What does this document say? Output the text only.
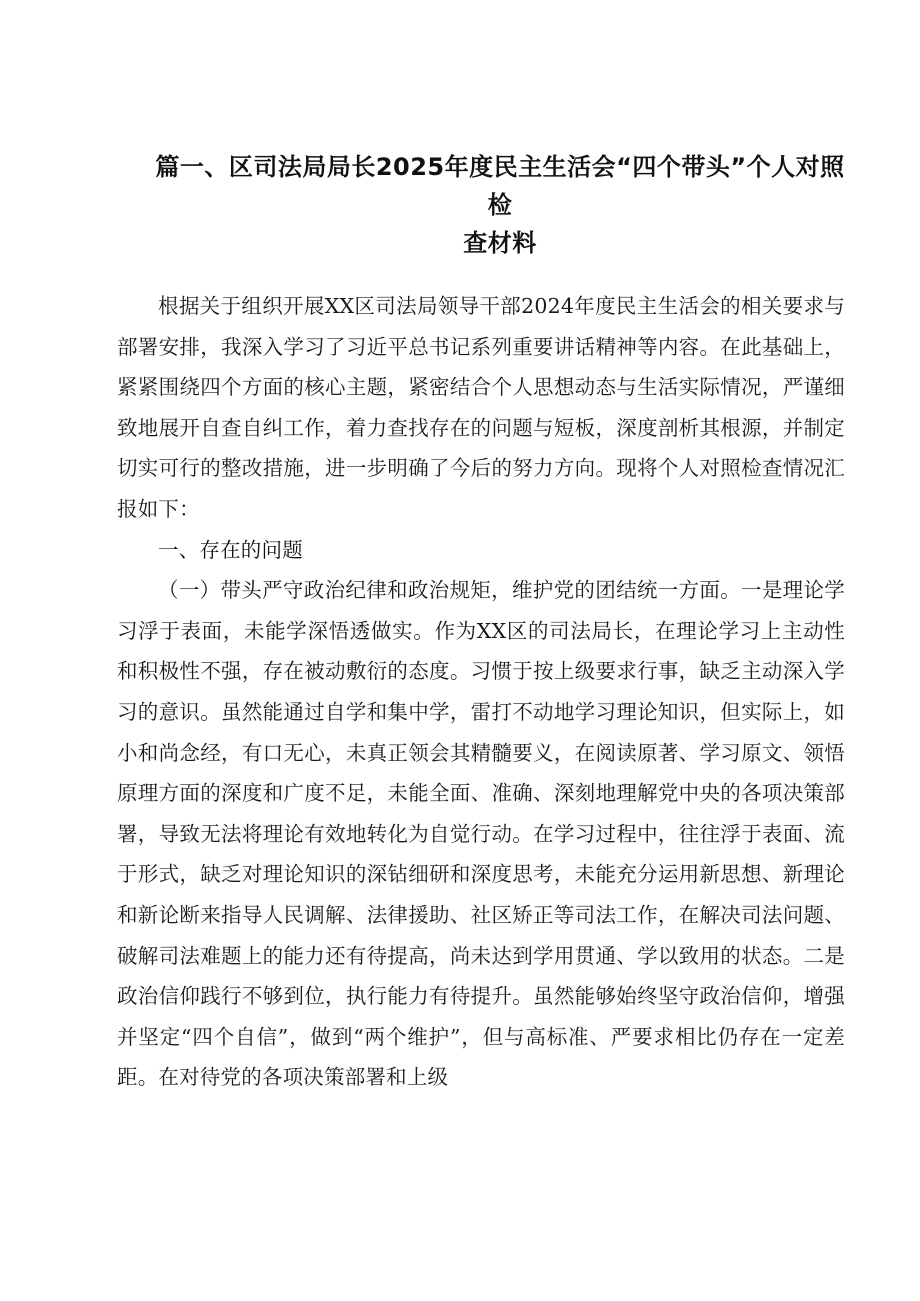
篇一、区司法局局长2025年度民主生活会“四个带头”个人对照检
查材料

根据关于组织开展XX区司法局领导干部2024年度民主生活会的相关要求与部署安排，我深入学习了习近平总书记系列重要讲话精神等内容。在此基础上，紧紧围绕四个方面的核心主题，紧密结合个人思想动态与生活实际情况，严谨细致地展开自查自纠工作，着力查找存在的问题与短板，深度剖析其根源，并制定切实可行的整改措施，进一步明确了今后的努力方向。现将个人对照检查情况汇报如下：

一、存在的问题

（一）带头严守政治纪律和政治规矩，维护党的团结统一方面。一是理论学习浮于表面，未能学深悟透做实。作为XX区的司法局长，在理论学习上主动性和积极性不强，存在被动敷衍的态度。习惯于按上级要求行事，缺乏主动深入学习的意识。虽然能通过自学和集中学，雷打不动地学习理论知识，但实际上，如小和尚念经，有口无心，未真正领会其精髓要义，在阅读原著、学习原文、领悟原理方面的深度和广度不足，未能全面、准确、深刻地理解党中央的各项决策部署，导致无法将理论有效地转化为自觉行动。在学习过程中，往往浮于表面、流于形式，缺乏对理论知识的深钻细研和深度思考，未能充分运用新思想、新理论和新论断来指导人民调解、法律援助、社区矫正等司法工作，在解决司法问题、破解司法难题上的能力还有待提高，尚未达到学用贯通、学以致用的状态。二是政治信仰践行不够到位，执行能力有待提升。虽然能够始终坚守政治信仰，增强并坚定“四个自信”，做到“两个维护”，但与高标准、严要求相比仍存在一定差距。在对待党的各项决策部署和上级
